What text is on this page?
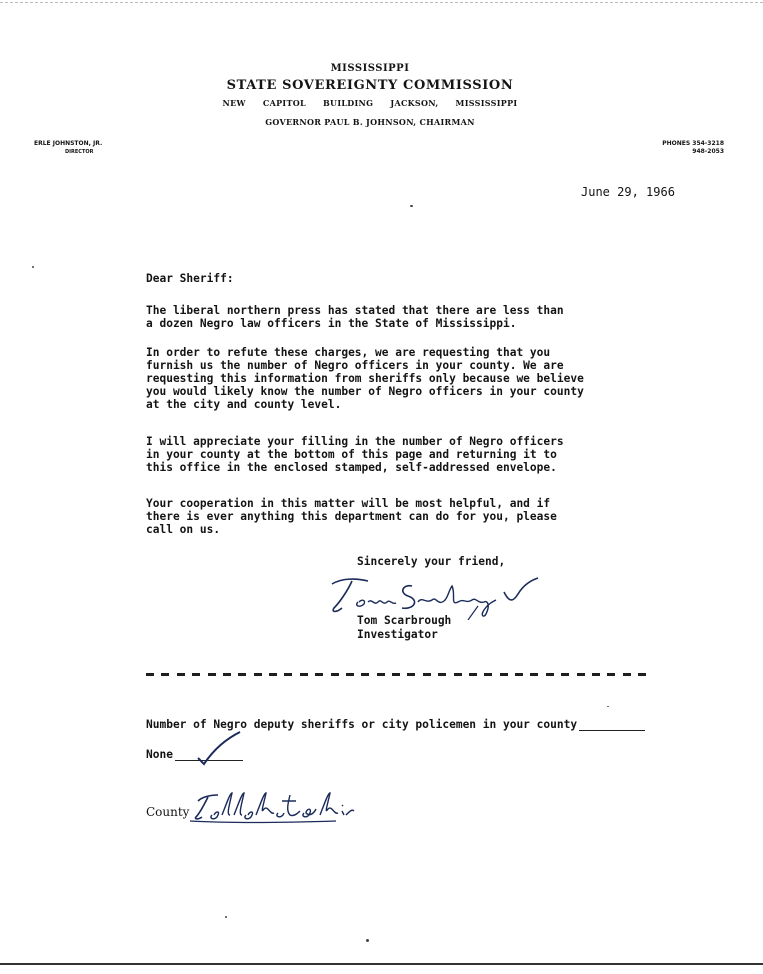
MISSISSIPPI
STATE SOVEREIGNTY COMMISSION
NEW CAPITOL BUILDING JACKSON, MISSISSIPPI
GOVERNOR PAUL B. JOHNSON, CHAIRMAN
ERLE JOHNSTON, JR.
DIRECTOR
PHONES 354-3218
948-2053
June 29, 1966
Dear Sheriff:
The liberal northern press has stated that there are less than
a dozen Negro law officers in the State of Mississippi.
In order to refute these charges, we are requesting that you
furnish us the number of Negro officers in your county. We are
requesting this information from sheriffs only because we believe
you would likely know the number of Negro officers in your county
at the city and county level.
I will appreciate your filling in the number of Negro officers
in your county at the bottom of this page and returning it to
this office in the enclosed stamped, self-addressed envelope.
Your cooperation in this matter will be most helpful, and if
there is ever anything this department can do for you, please
call on us.
Sincerely your friend,
Tom Scarbrough
Investigator
Number of Negro deputy sheriffs or city policemen in your county
None
County
